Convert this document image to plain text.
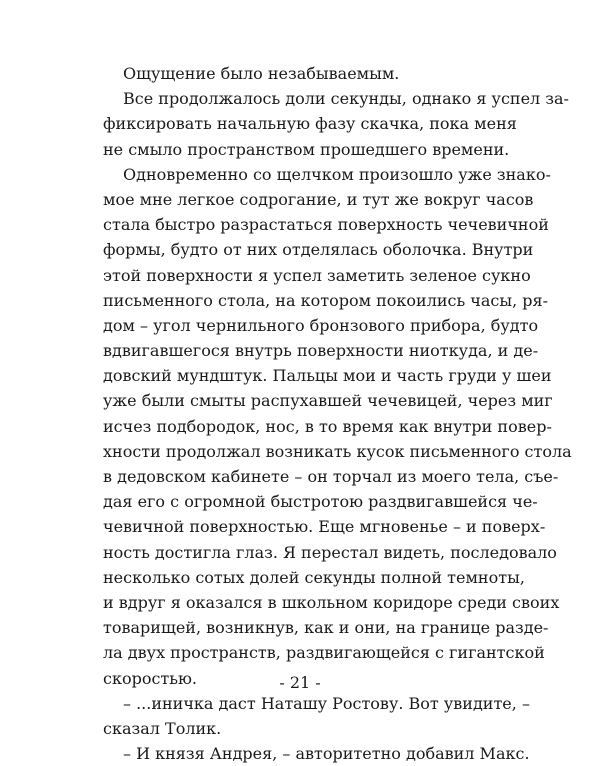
Ощущение было незабываемым.
Все продолжалось доли секунды, однако я успел за-
фиксировать начальную фазу скачка, пока меня
не смыло пространством прошедшего времени.
Одновременно со щелчком произошло уже знако-
мое мне легкое содрогание, и тут же вокруг часов
стала быстро разрастаться поверхность чечевичной
формы, будто от них отделялась оболочка. Внутри
этой поверхности я успел заметить зеленое сукно
письменного стола, на котором покоились часы, ря-
дом – угол чернильного бронзового прибора, будто
вдвигавшегося внутрь поверхности ниоткуда, и де-
довский мундштук. Пальцы мои и часть груди у шеи
уже были смыты распухавшей чечевицей, через миг
исчез подбородок, нос, в то время как внутри повер-
хности продолжал возникать кусок письменного стола
в дедовском кабинете – он торчал из моего тела, съе-
дая его с огромной быстротою раздвигавшейся че-
чевичной поверхностью. Еще мгновенье – и поверх-
ность достигла глаз. Я перестал видеть, последовало
несколько сотых долей секунды полной темноты,
и вдруг я оказался в школьном коридоре среди своих
товарищей, возникнув, как и они, на границе разде-
ла двух пространств, раздвигающейся с гигантской
скоростью.
– ...иничка даст Наташу Ростову. Вот увидите, –
сказал Толик.
– И князя Андрея, – авторитетно добавил Макс.
- 21 -
